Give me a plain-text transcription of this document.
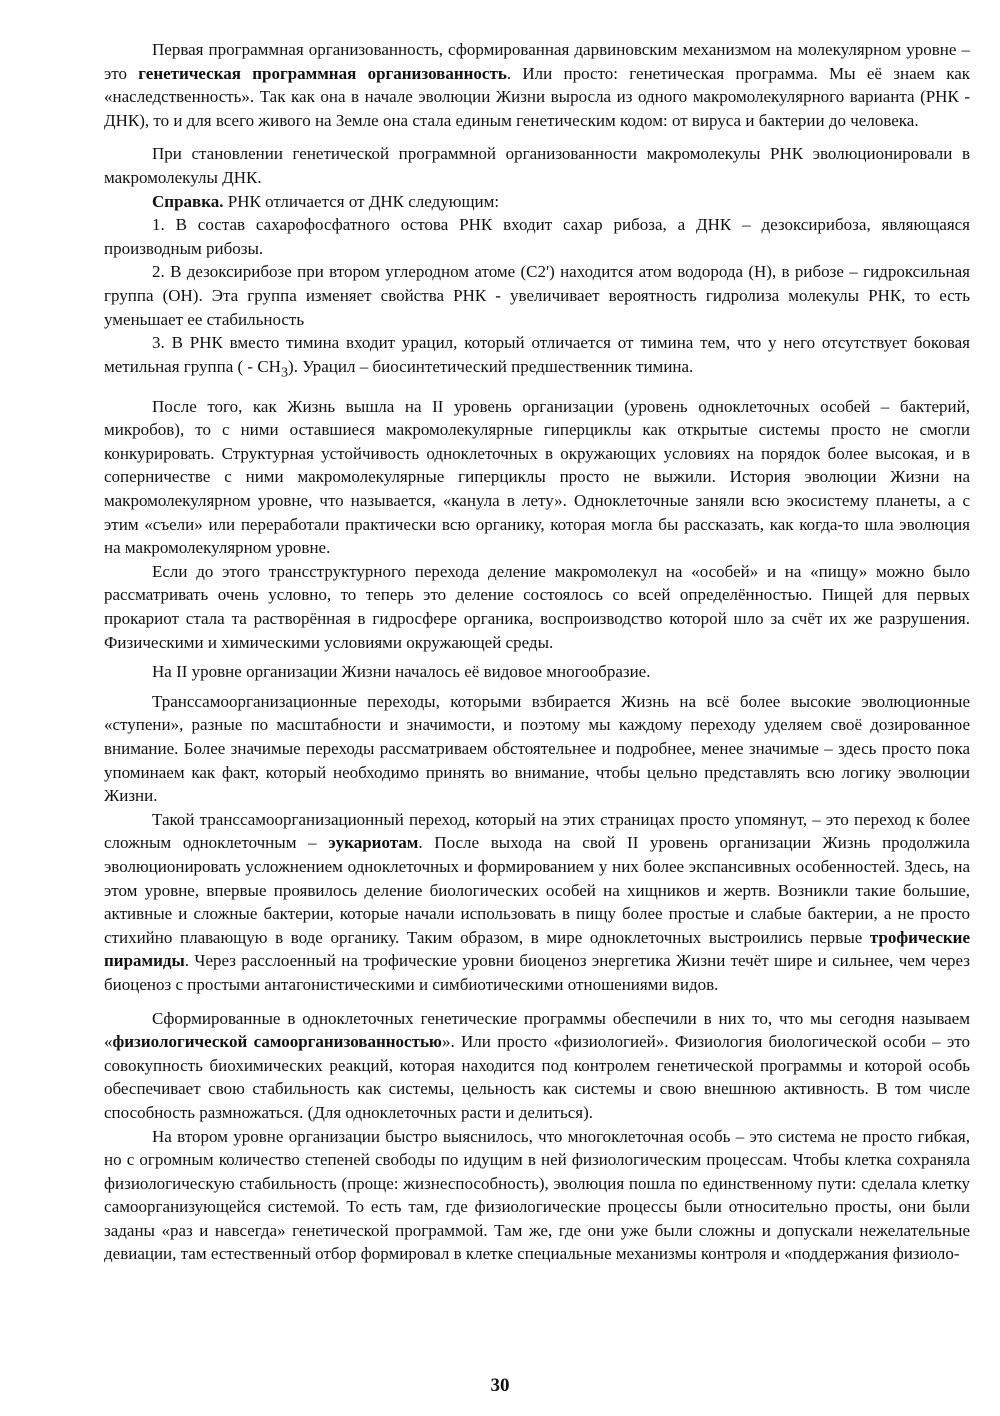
Первая программная организованность, сформированная дарвиновским механизмом на молекулярном уровне – это генетическая программная организованность. Или просто: генетическая программа. Мы её знаем как «наследственность». Так как она в начале эволюции Жизни выросла из одного макромолекулярного варианта (РНК - ДНК), то и для всего живого на Земле она стала единым генетическим кодом: от вируса и бактерии до человека.

При становлении генетической программной организованности макромолекулы РНК эволюционировали в макромолекулы ДНК.

Справка. РНК отличается от ДНК следующим:

1. В состав сахарофосфатного остова РНК входит сахар рибоза, а ДНК – дезоксирибоза, являющаяся производным рибозы.

2. В дезоксирибозе при втором углеродном атоме (C2') находится атом водорода (H), в рибозе – гидроксильная группа (OH). Эта группа изменяет свойства РНК - увеличивает вероятность гидролиза молекулы РНК, то есть уменьшает ее стабильность

3. В РНК вместо тимина входит урацил, который отличается от тимина тем, что у него отсутствует боковая метильная группа ( - $CH_3$). Урацил – биосинтетический предшественник тимина.

После того, как Жизнь вышла на II уровень организации (уровень одноклеточных особей – бактерий, микробов), то с ними оставшиеся макромолекулярные гиперциклы как открытые системы просто не смогли конкурировать. Структурная устойчивость одноклеточных в окружающих условиях на порядок более высокая, и в соперничестве с ними макромолекулярные гиперциклы просто не выжили. История эволюции Жизни на макромолекулярном уровне, что называется, «канула в лету». Одноклеточные заняли всю экосистему планеты, а с этим «съели» или переработали практически всю органику, которая могла бы рассказать, как когда-то шла эволюция на макромолекулярном уровне.

Если до этого трансструктурного перехода деление макромолекул на «особей» и на «пищу» можно было рассматривать очень условно, то теперь это деление состоялось со всей определённостью. Пищей для первых прокариот стала та растворённая в гидросфере органика, воспроизводство которой шло за счёт их же разрушения. Физическими и химическими условиями окружающей среды.

На II уровне организации Жизни началось её видовое многообразие.

Транссамоорганизационные переходы, которыми взбирается Жизнь на всё более высокие эволюционные «ступени», разные по масштабности и значимости, и поэтому мы каждому переходу уделяем своё дозированное внимание. Более значимые переходы рассматриваем обстоятельнее и подробнее, менее значимые – здесь просто пока упоминаем как факт, который необходимо принять во внимание, чтобы цельно представлять всю логику эволюции Жизни.

Такой транссамоорганизационный переход, который на этих страницах просто упомянут, – это переход к более сложным одноклеточным – эукариотам. После выхода на свой II уровень организации Жизнь продолжила эволюционировать усложнением одноклеточных и формированием у них более экспансивных особенностей. Здесь, на этом уровне, впервые проявилось деление биологических особей на хищников и жертв. Возникли такие большие, активные и сложные бактерии, которые начали использовать в пищу более простые и слабые бактерии, а не просто стихийно плавающую в воде органику. Таким образом, в мире одноклеточных выстроились первые трофические пирамиды. Через расслоенный на трофические уровни биоценоз энергетика Жизни течёт шире и сильнее, чем через биоценоз с простыми антагонистическими и симбиотическими отношениями видов.

Сформированные в одноклеточных генетические программы обеспечили в них то, что мы сегодня называем «физиологической самоорганизованностью». Или просто «физиологией». Физиология биологической особи – это совокупность биохимических реакций, которая находится под контролем генетической программы и которой особь обеспечивает свою стабильность как системы, цельность как системы и свою внешнюю активность. В том числе способность размножаться. (Для одноклеточных расти и делиться).

На втором уровне организации быстро выяснилось, что многоклеточная особь – это система не просто гибкая, но с огромным количество степеней свободы по идущим в ней физиологическим процессам. Чтобы клетка сохраняла физиологическую стабильность (проще: жизнеспособность), эволюция пошла по единственному пути: сделала клетку самоорганизующейся системой. То есть там, где физиологические процессы были относительно просты, они были заданы «раз и навсегда» генетической программой. Там же, где они уже были сложны и допускали нежелательные девиации, там естественный отбор формировал в клетке специальные механизмы контроля и «поддержания физиоло-

30
